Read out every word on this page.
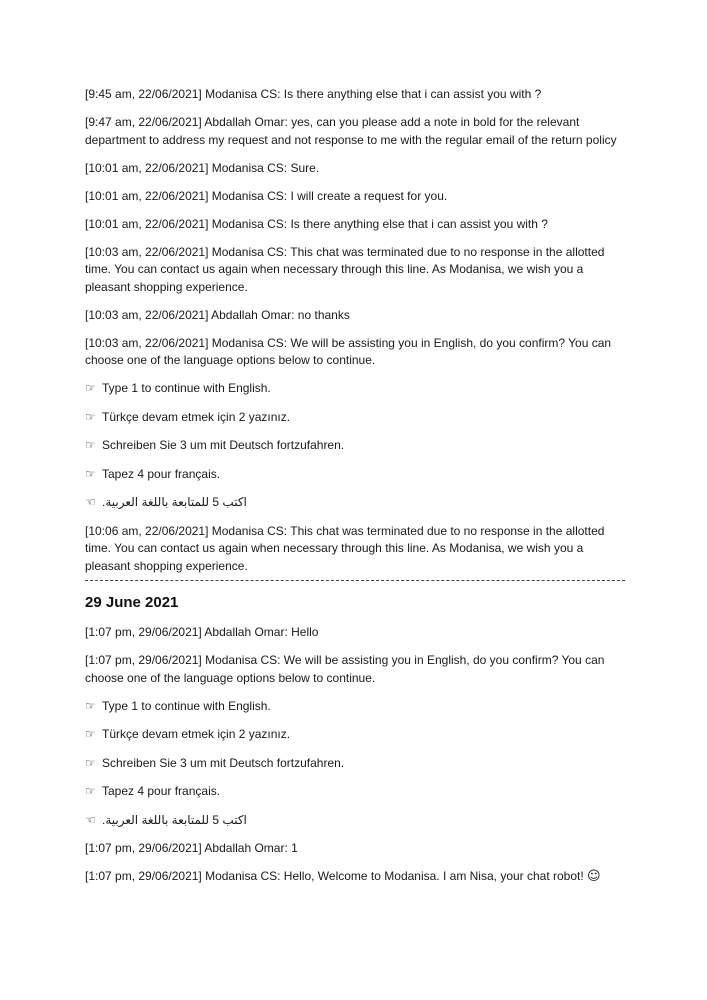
[9:45 am, 22/06/2021] Modanisa CS: Is there anything else that i can assist you with ?
[9:47 am, 22/06/2021] Abdallah Omar: yes, can you please add a note in bold for the relevant department to address my request and not response to me with the regular email of the return policy
[10:01 am, 22/06/2021] Modanisa CS: Sure.
[10:01 am, 22/06/2021] Modanisa CS: I will create a request for you.
[10:01 am, 22/06/2021] Modanisa CS: Is there anything else that i can assist you with ?
[10:03 am, 22/06/2021] Modanisa CS: This chat was terminated due to no response in the allotted time. You can contact us again when necessary through this line. As Modanisa, we wish you a pleasant shopping experience.
[10:03 am, 22/06/2021] Abdallah Omar: no thanks
[10:03 am, 22/06/2021] Modanisa CS: We will be assisting you in English, do you confirm? You can choose one of the language options below to continue.
☞ Type 1 to continue with English.
☞ Türkçe devam etmek için 2 yazınız.
☞ Schreiben Sie 3 um mit Deutsch fortzufahren.
☞ Tapez 4 pour français.
☜ اكتب 5 للمتابعة باللغة العربية.
[10:06 am, 22/06/2021] Modanisa CS: This chat was terminated due to no response in the allotted time. You can contact us again when necessary through this line. As Modanisa, we wish you a pleasant shopping experience.
29 June 2021
[1:07 pm, 29/06/2021] Abdallah Omar: Hello
[1:07 pm, 29/06/2021] Modanisa CS: We will be assisting you in English, do you confirm? You can choose one of the language options below to continue.
☞ Type 1 to continue with English.
☞ Türkçe devam etmek için 2 yazınız.
☞ Schreiben Sie 3 um mit Deutsch fortzufahren.
☞ Tapez 4 pour français.
☜ اكتب 5 للمتابعة باللغة العربية.
[1:07 pm, 29/06/2021] Abdallah Omar: 1
[1:07 pm, 29/06/2021] Modanisa CS: Hello, Welcome to Modanisa. I am Nisa, your chat robot! ☺
